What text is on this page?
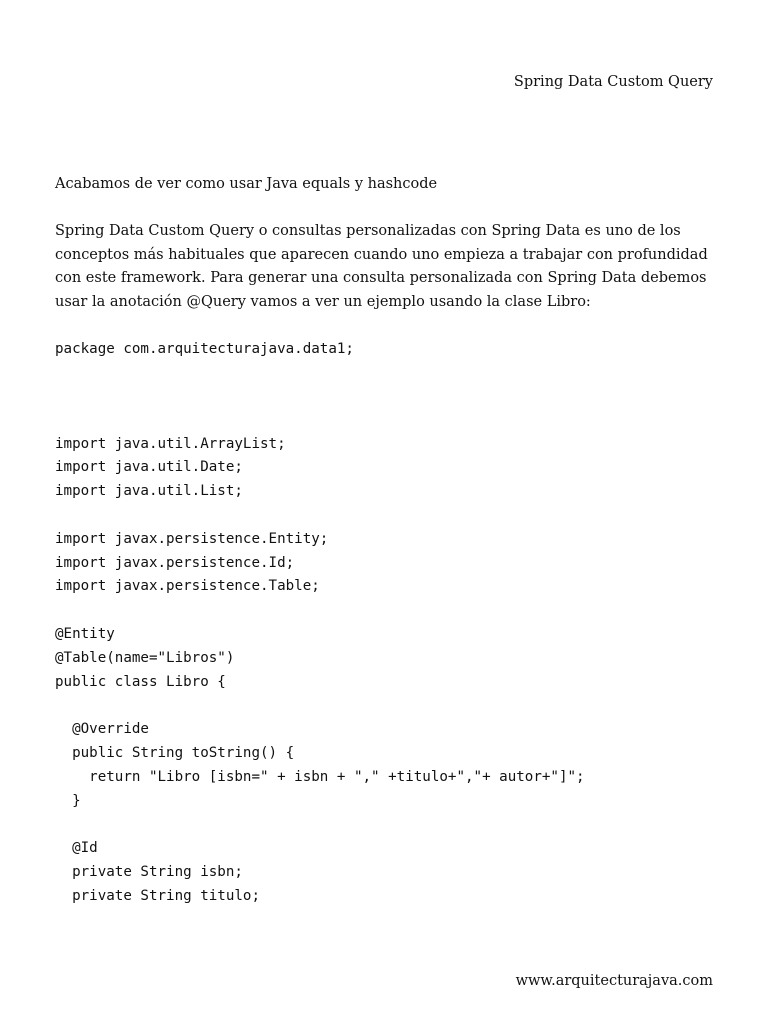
Spring Data Custom Query

Acabamos de ver como usar Java equals y hashcode

Spring Data Custom Query o consultas personalizadas con Spring Data es uno de los conceptos más habituales que aparecen cuando uno empieza a trabajar con profundidad con este framework. Para generar una consulta personalizada con Spring Data debemos usar la anotación @Query vamos a ver un ejemplo usando la clase Libro:

package com.arquitecturajava.data1;

import java.util.ArrayList;
import java.util.Date;
import java.util.List;

import javax.persistence.Entity;
import javax.persistence.Id;
import javax.persistence.Table;

@Entity
@Table(name="Libros")
public class Libro {

@Override
public String toString() {
return "Libro [isbn=" + isbn + "," +titulo+","+ autor+"]";
}

@Id
private String isbn;
private String titulo;
www.arquitecturajava.com
